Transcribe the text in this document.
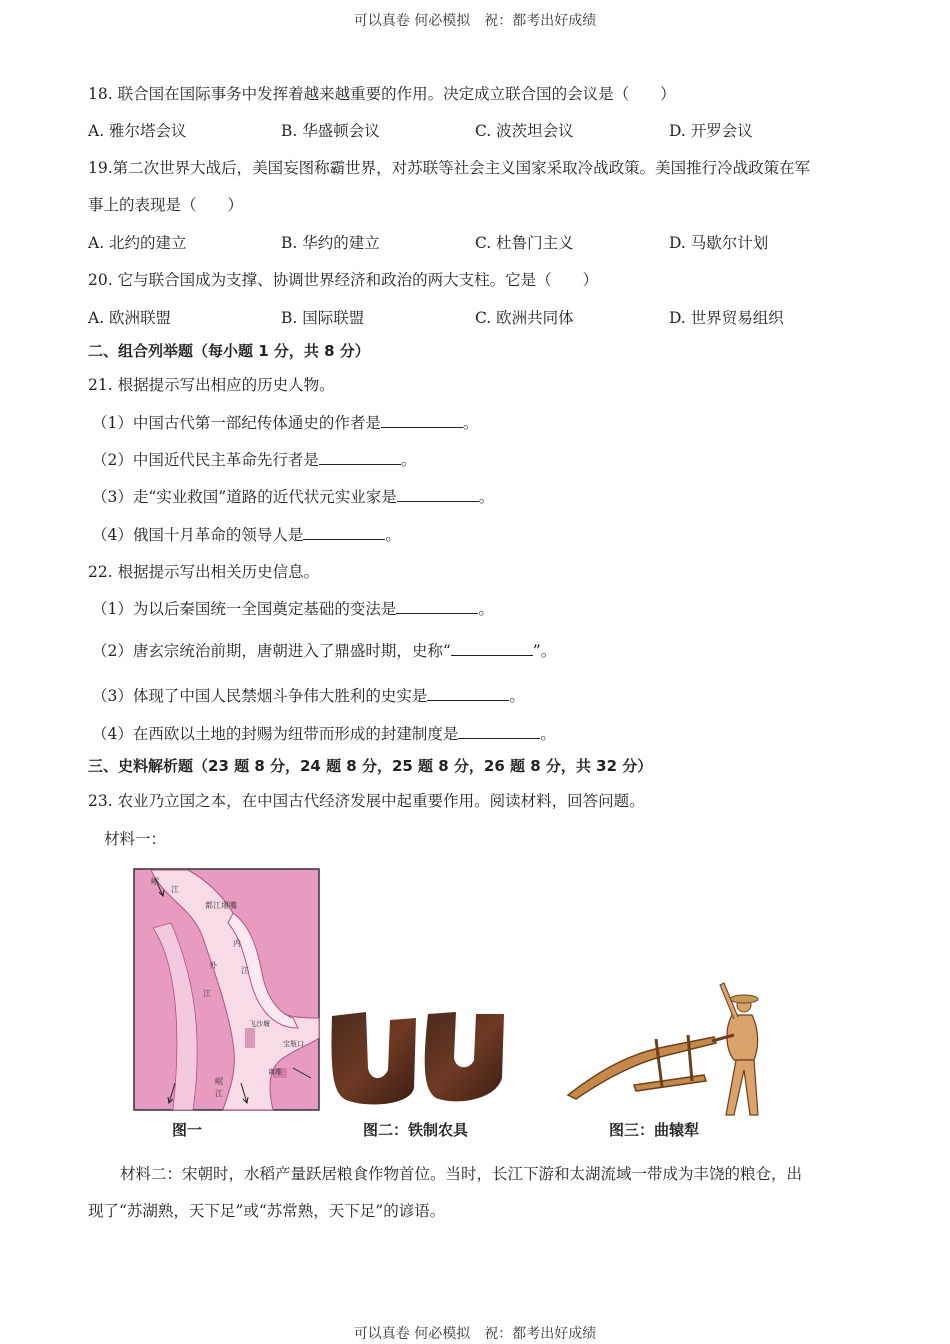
可以真卷 何必模拟　祝：都考出好成绩
18. 联合国在国际事务中发挥着越来越重要的作用。决定成立联合国的会议是（　　）
A. 雅尔塔会议	B. 华盛顿会议	C. 波茨坦会议	D. 开罗会议
19.第二次世界大战后，美国妄图称霸世界，对苏联等社会主义国家采取冷战政策。美国推行冷战政策在军
事上的表现是（　　）
A. 北约的建立	B. 华约的建立	C. 杜鲁门主义	D. 马歇尔计划
20. 它与联合国成为支撑、协调世界经济和政治的两大支柱。它是（　　）
A. 欧洲联盟	B. 国际联盟	C. 欧洲共同体	D. 世界贸易组织
二、组合列举题（每小题 1 分，共 8 分）
21. 根据提示写出相应的历史人物。
（1）中国古代第一部纪传体通史的作者是	。
（2）中国近代民主革命先行者是	。
（3）走“实业救国”道路的近代状元实业家是	。
（4）俄国十月革命的领导人是	。
22. 根据提示写出相关历史信息。
（1）为以后秦国统一全国奠定基础的变法是	。
（2）唐玄宗统治前期，唐朝进入了鼎盛时期，史称“	”。
（3）体现了中国人民禁烟斗争伟大胜利的史实是	。
（4）在西欧以土地的封赐为纽带而形成的封建制度是	。
三、史料解析题（23 题 8 分，24 题 8 分，25 题 8 分，26 题 8 分，共 32 分）
23. 农业乃立国之本，在中国古代经济发展中起重要作用。阅读材料，回答问题。
材料一：
岷
江
都江堰嘴
内
外
江
江
飞沙堰
宝瓶口
离堆
岷
江
图一	图二：铁制农具	图三：曲辕犁
材料二：宋朝时，水稻产量跃居粮食作物首位。当时，长江下游和太湖流域一带成为丰饶的粮仓，出
现了“苏湖熟，天下足”或“苏常熟，天下足”的谚语。
可以真卷 何必模拟　祝：都考出好成绩
